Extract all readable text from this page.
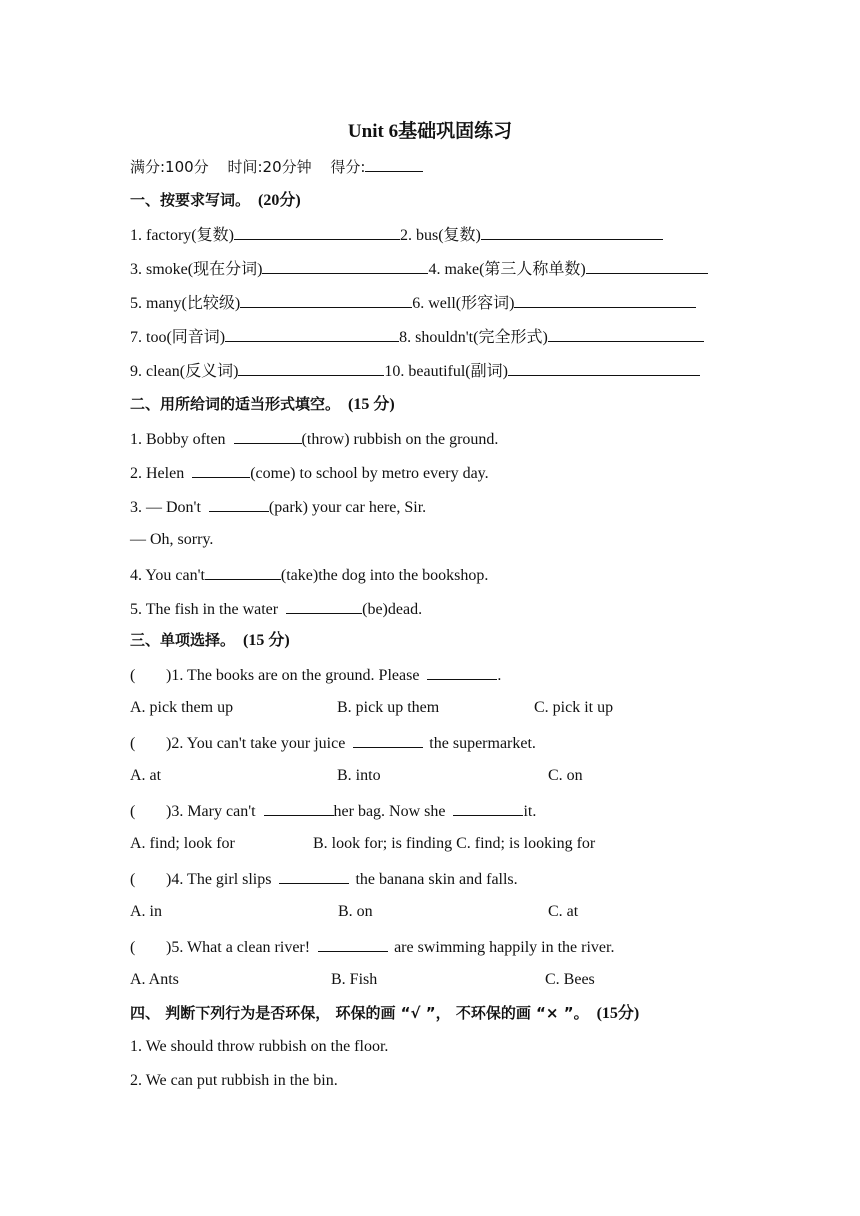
Unit 6基础巩固练习
满分:100分 时间:20分钟 得分:
一、按要求写词。 (20分)
1. factory(复数)	2. bus(复数)
3. smoke(现在分词)	4. make(第三人称单数)
5. many(比较级)	6. well(形容词)
7. too(同音词)	8. shouldn't(完全形式)
9. clean(反义词)	10. beautiful(副词)
二、用所给词的适当形式填空。 (15 分)
1. Bobby often	(throw) rubbish on the ground.
2. Helen	(come) to school by metro every day.
3. — Don't	(park) your car here, Sir.
— Oh, sorry.
4. You can't	(take)the dog into the bookshop.
5. The fish in the water	(be)dead.
三、单项选择。 (15 分)
( )1. The books are on the ground. Please	.
A. pick them up	B. pick up them	C. pick it up
( )2. You can't take your juice	the supermarket.
A. at	B. into	C. on
( )3. Mary can't	her bag. Now she	it.
A. find; look for	B. look for; is finding C. find; is looking for
( )4. The girl slips	the banana skin and falls.
A. in	B. on	C. at
( )5. What a clean river!	are swimming happily in the river.
A. Ants	B. Fish	C. Bees
四、 判断下列行为是否环保， 环保的画 “√ ”， 不环保的画 “× ”。 (15分)
1. We should throw rubbish on the floor.
2. We can put rubbish in the bin.
